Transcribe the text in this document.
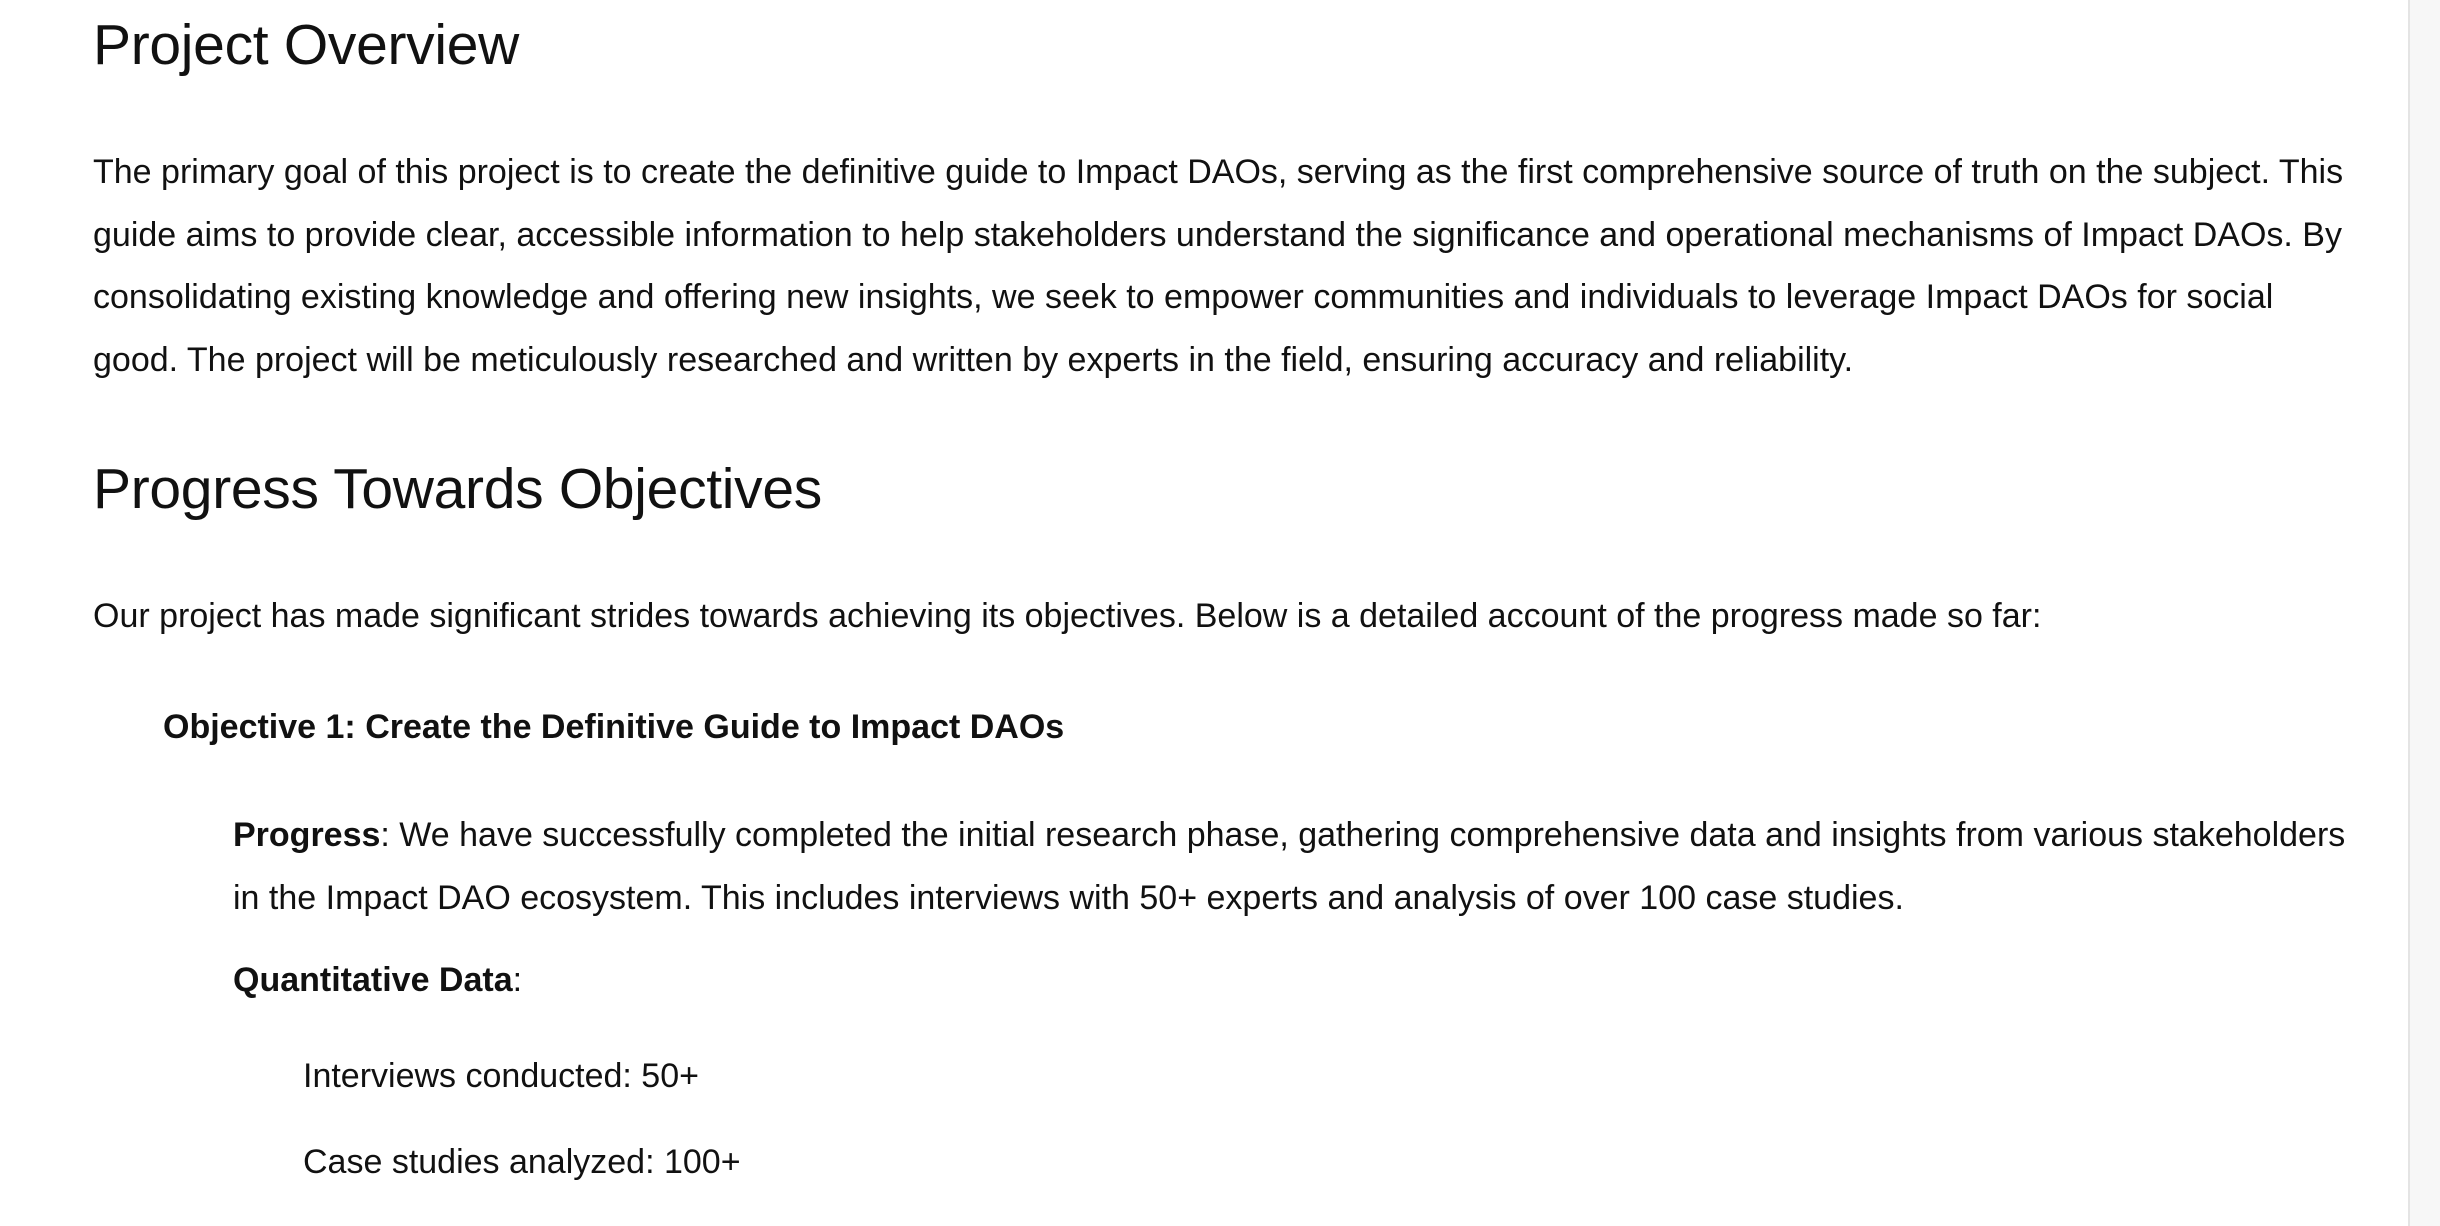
Project Overview

The primary goal of this project is to create the definitive guide to Impact DAOs, serving as the first comprehensive source of truth on the subject. This guide aims to provide clear, accessible information to help stakeholders understand the significance and operational mechanisms of Impact DAOs. By consolidating existing knowledge and offering new insights, we seek to empower communities and individuals to leverage Impact DAOs for social good. The project will be meticulously researched and written by experts in the field, ensuring accuracy and reliability.

Progress Towards Objectives

Our project has made significant strides towards achieving its objectives. Below is a detailed account of the progress made so far:

Objective 1: Create the Definitive Guide to Impact DAOs

Progress: We have successfully completed the initial research phase, gathering comprehensive data and insights from various stakeholders in the Impact DAO ecosystem. This includes interviews with 50+ experts and analysis of over 100 case studies.

Quantitative Data:

Interviews conducted: 50+
Case studies analyzed: 100+
